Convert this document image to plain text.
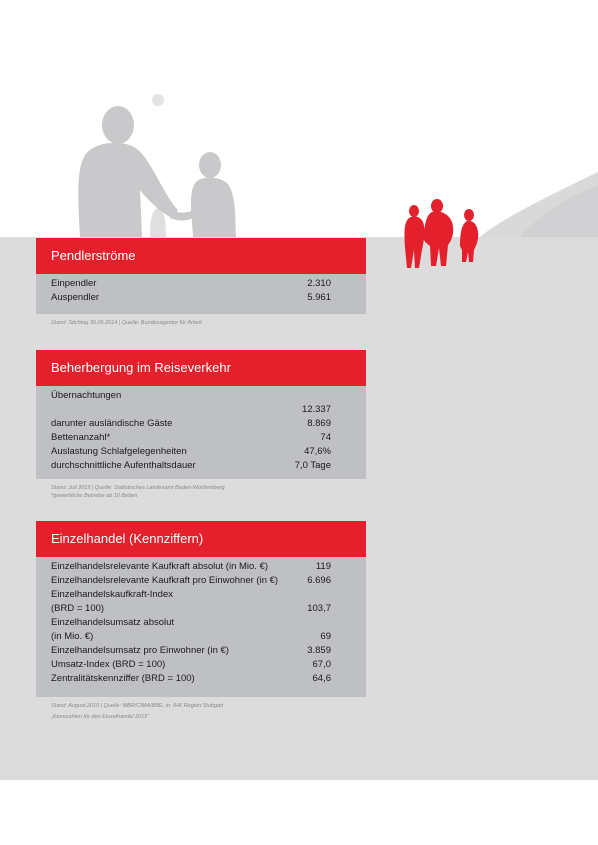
Pendlerströme
Einpendler	2.310
Auspendler	5.961
Stand: Stichtag 30.06.2014 | Quelle: Bundesagentur für Arbeit
Beherbergung im Reiseverkehr
Übernachtungen
12.337
darunter ausländische Gäste	8.869
Bettenanzahl*	74
Auslastung Schlafgelegenheiten	47,6%
durchschnittliche Aufenthaltsdauer	7,0 Tage
Stand: Juli 2015 | Quelle: Statistisches Landesamt Baden-Württemberg
*gewerbliche Betriebe ab 10 Betten
Einzelhandel (Kennziffern)
Einzelhandelsrelevante Kaufkraft absolut (in Mio. €)	119
Einzelhandelsrelevante Kaufkraft pro Einwohner (in €)	6.696
Einzelhandelskaufkraft-Index
(BRD = 100)	103,7
Einzelhandelsumsatz absolut
(in Mio. €)	69
Einzelhandelsumsatz pro Einwohner (in €)	3.859
Umsatz-Index (BRD = 100)	67,0
Zentralitätskennziffer (BRD = 100)	64,6
Stand: August 2015 | Quelle: MBR/CIMA/BBE, in: IHK Region Stuttgart
„Kennzahlen für den Einzelhandel 2015“
